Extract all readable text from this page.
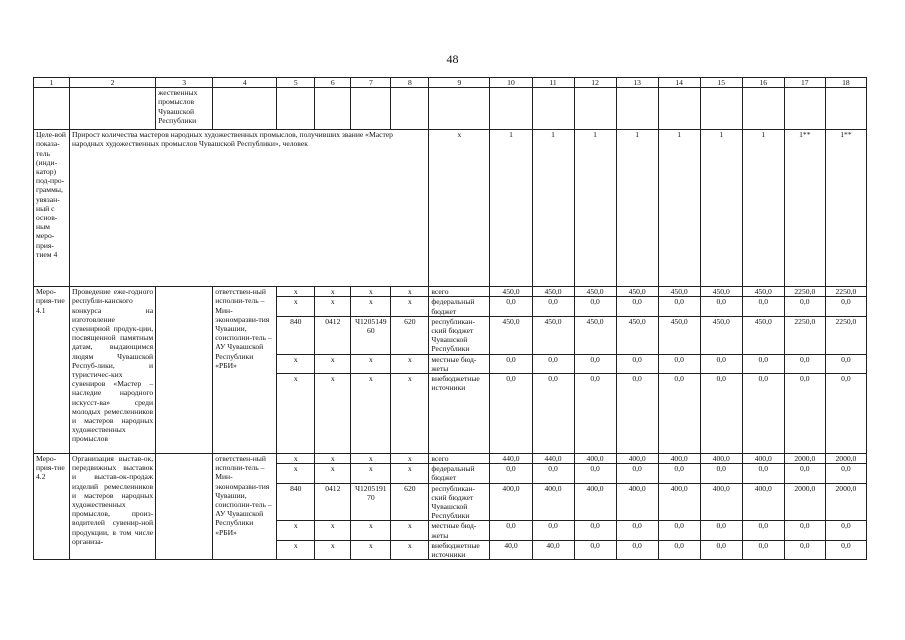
48
1	2	3	4	5	6	7	8	9	10	11	12	13	14	15	16	17	18
		жественных промыслов Чувашской Республики															
Целе-вой показа-тель (инди-катор) под-про-граммы, увязан-ный с основ-ным меро-прия-тием 4	Прирост количества мастеров народных художественных промыслов, получивших звание «Мастер народных художественных промыслов Чувашской Республики», человек							x	1	1	1	1	1	1	1	1**	1**
Меро-прия-тие 4.1	Проведение еже-годного республи-канского конкурса на изготовление сувенирной продук-ции, посвященной памятным датам, выдающимся людям Чувашской Респуб-лики, и туристичес-ких сувениров «Мастер – наследие народного искусст-ва» среди молодых ремесленников и мастеров народных художественных промыслов		ответствен-ный исполни-тель – Мин-экономразви-тия Чувашии, соисполни-тель – АУ Чувашской Республики «РБИ»	x	x	x	x	всего	450,0	450,0	450,0	450,0	450,0	450,0	450,0	2250,0	2250,0
				x	x	x	x	федеральный бюджет	0,0	0,0	0,0	0,0	0,0	0,0	0,0	0,0	0,0
				840	0412	Ч1205149 60	620	республикан-ский бюджет Чувашской Республики	450,0	450,0	450,0	450,0	450,0	450,0	450,0	2250,0	2250,0
				x	x	x	x	местные бюд-жеты	0,0	0,0	0,0	0,0	0,0	0,0	0,0	0,0	0,0
				x	x	x	x	внебюджетные источники	0,0	0,0	0,0	0,0	0,0	0,0	0,0	0,0	0,0
Меро-прия-тие 4.2	Организация выстав-ок, передвижных выставок и выстав-ок-продаж изделий ремесленников и мастеров народных художественных промыслов, произ-водителей сувенир-ной продукции, в том числе организа-		ответствен-ный исполни-тель – Мин-экономразви-тия Чувашии, соисполни-тель – АУ Чувашской Республики «РБИ»	x	x	x	x	всего	440,0	440,0	400,0	400,0	400,0	400,0	400,0	2000,0	2000,0
				x	x	x	x	федеральный бюджет	0,0	0,0	0,0	0,0	0,0	0,0	0,0	0,0	0,0
				840	0412	Ч1205191 70	620	республикан-ский бюджет Чувашской Республики	400,0	400,0	400,0	400,0	400,0	400,0	400,0	2000,0	2000,0
				x	x	x	x	местные бюд-жеты	0,0	0,0	0,0	0,0	0,0	0,0	0,0	0,0	0,0
				x	x	x	x	внебюджетные источники	40,0	40,0	0,0	0,0	0,0	0,0	0,0	0,0	0,0
